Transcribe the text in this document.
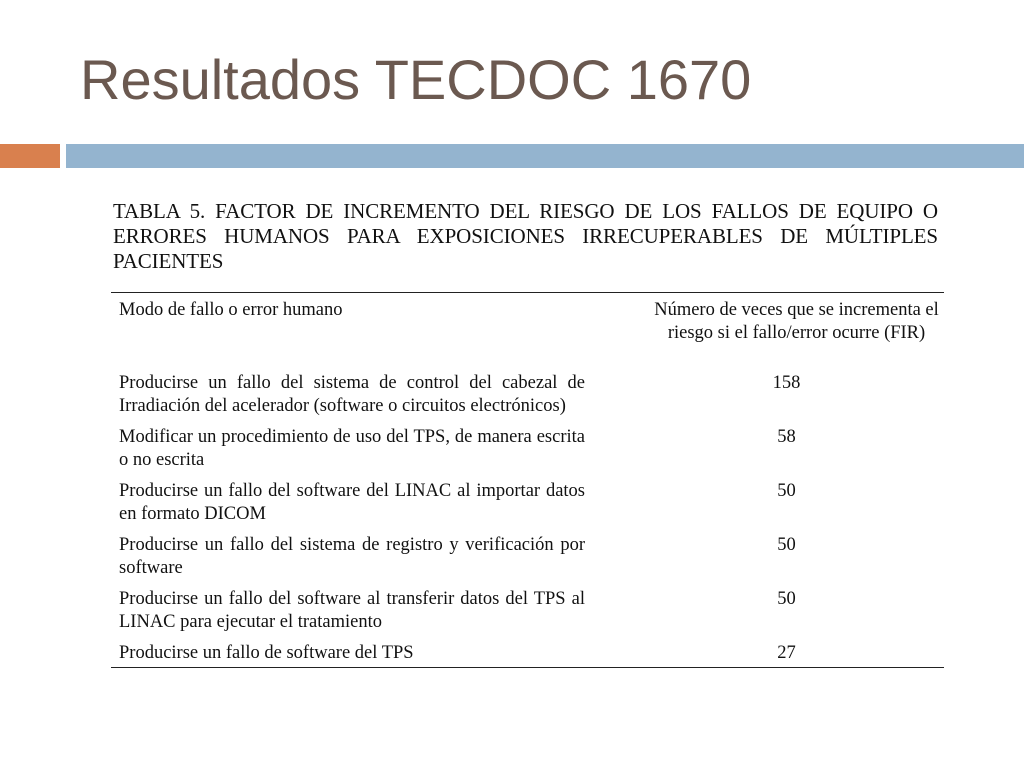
Resultados TECDOC 1670
TABLA 5. FACTOR DE INCREMENTO DEL RIESGO DE LOS FALLOS DE EQUIPO O ERRORES HUMANOS PARA EXPOSICIONES IRRECUPERABLES DE MÚLTIPLES PACIENTES
Modo de fallo o error humano	Número de veces que se incrementa el riesgo si el fallo/error ocurre (FIR)
Producirse un fallo del sistema de control del cabezal de Irradiación del acelerador (software o circuitos electrónicos)	158
Modificar un procedimiento de uso del TPS, de manera escrita o no escrita	58
Producirse un fallo del software del LINAC al importar datos en formato DICOM	50
Producirse un fallo del sistema de registro y verificación por software	50
Producirse un fallo del software al transferir datos del TPS al LINAC para ejecutar el tratamiento	50
Producirse un fallo de software del TPS	27
